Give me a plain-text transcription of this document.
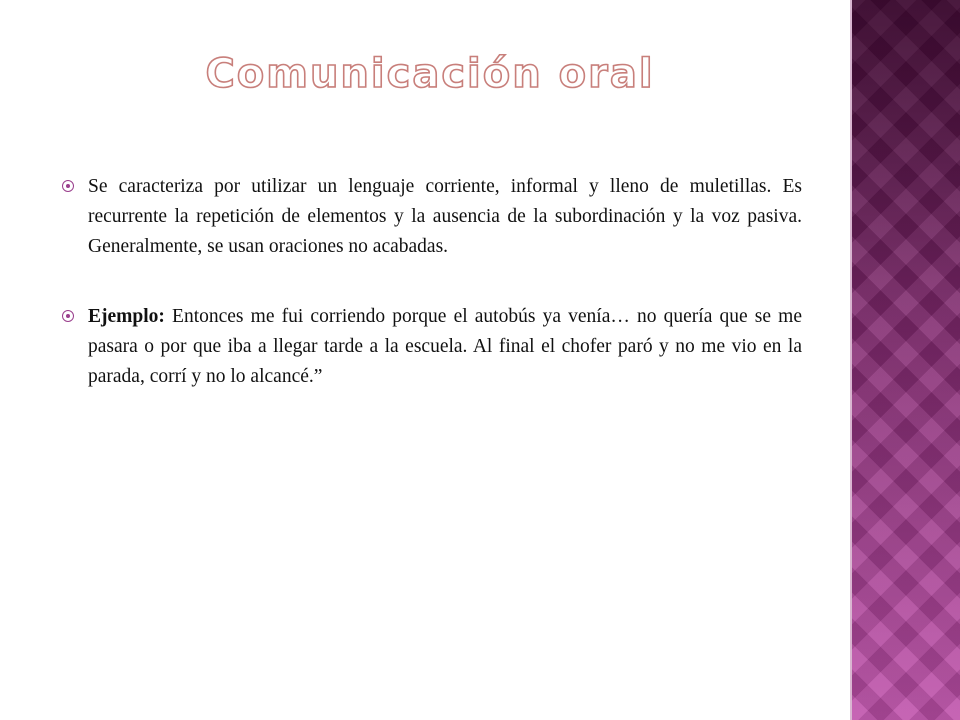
Comunicación oral
Se caracteriza por utilizar un lenguaje corriente, informal y lleno de muletillas. Es recurrente la repetición de elementos y la ausencia de la subordinación y la voz pasiva. Generalmente, se usan oraciones no acabadas.
Ejemplo: Entonces me fui corriendo porque el autobús ya venía… no quería que se me pasara o por que iba a llegar tarde a la escuela. Al final el chofer paró y no me vio en la parada, corrí y no lo alcancé.”
